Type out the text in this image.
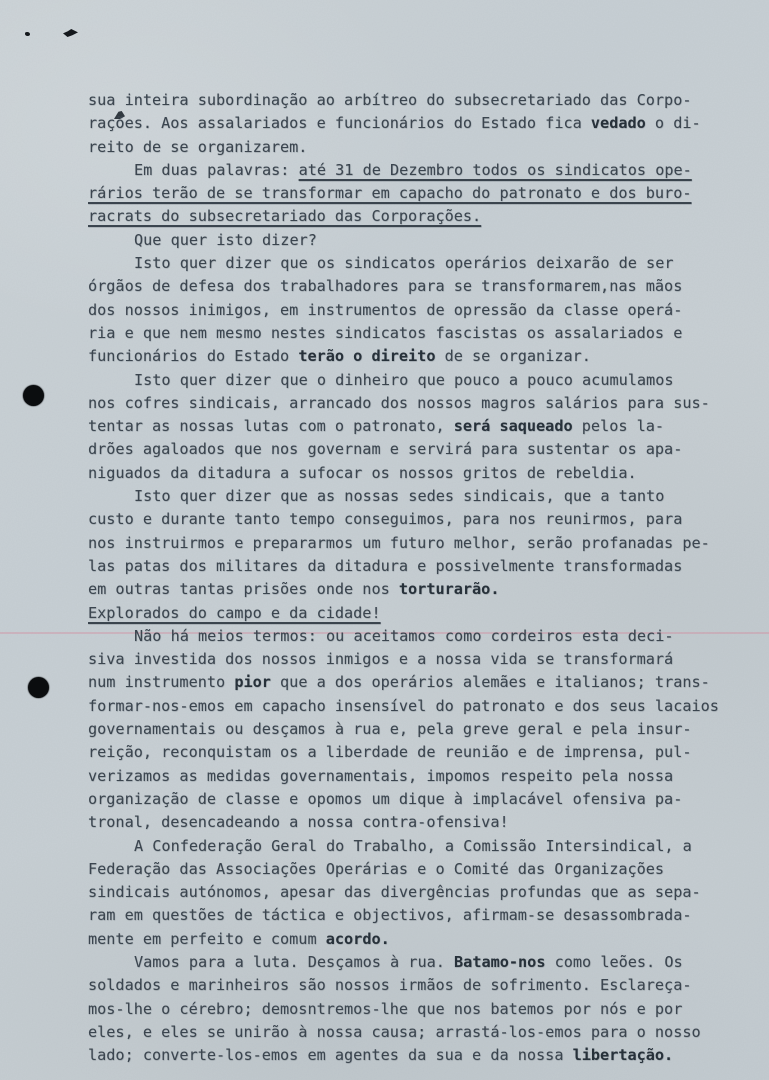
sua inteira subordinação ao arbítreo do subsecretariado das Corpo-
rações. Aos assalariados e funcionários do Estado fica vedado o di-
reito de se organizarem.
Em duas palavras: até 31 de Dezembro todos os sindicatos ope-
rários terão de se transformar em capacho do patronato e dos buro-
racrats do subsecretariado das Corporações.
Que quer isto dizer?
Isto quer dizer que os sindicatos operários deixarão de ser
órgãos de defesa dos trabalhadores para se transformarem,nas mãos
dos nossos inimigos, em instrumentos de opressão da classe operá-
ria e que nem mesmo nestes sindicatos fascistas os assalariados e
funcionários do Estado terão o direito de se organizar.
Isto quer dizer que o dinheiro que pouco a pouco acumulamos
nos cofres sindicais, arrancado dos nossos magros salários para sus-
tentar as nossas lutas com o patronato, será saqueado pelos la-
drões agaloados que nos governam e servirá para sustentar os apa-
niguados da ditadura a sufocar os nossos gritos de rebeldia.
Isto quer dizer que as nossas sedes sindicais, que a tanto
custo e durante tanto tempo conseguimos, para nos reunirmos, para
nos instruirmos e prepararmos um futuro melhor, serão profanadas pe-
las patas dos militares da ditadura e possivelmente transformadas
em outras tantas prisões onde nos torturarão.
Explorados do campo e da cidade!
Não há meios termos: ou aceitamos como cordeiros esta deci-
siva investida dos nossos inmigos e a nossa vida se transformará
num instrumento pior que a dos operários alemães e italianos; trans-
formar-nos-emos em capacho insensível do patronato e dos seus lacaios
governamentais ou desçamos à rua e, pela greve geral e pela insur-
reição, reconquistam os a liberdade de reunião e de imprensa, pul-
verizamos as medidas governamentais, impomos respeito pela nossa
organização de classe e opomos um dique à implacável ofensiva pa-
tronal, desencadeando a nossa contra-ofensiva!
A Confederação Geral do Trabalho, a Comissão Intersindical, a
Federação das Associações Operárias e o Comité das Organizações
sindicais autónomos, apesar das divergências profundas que as sepa-
ram em questões de táctica e objectivos, afirmam-se desassombrada-
mente em perfeito e comum acordo.
Vamos para a luta. Desçamos à rua. Batamo-nos como leões. Os
soldados e marinheiros são nossos irmãos de sofrimento. Esclareça-
mos-lhe o cérebro; demosntremos-lhe que nos batemos por nós e por
eles, e eles se unirão à nossa causa; arrastá-los-emos para o nosso
lado; converte-los-emos em agentes da sua e da nossa libertação.
